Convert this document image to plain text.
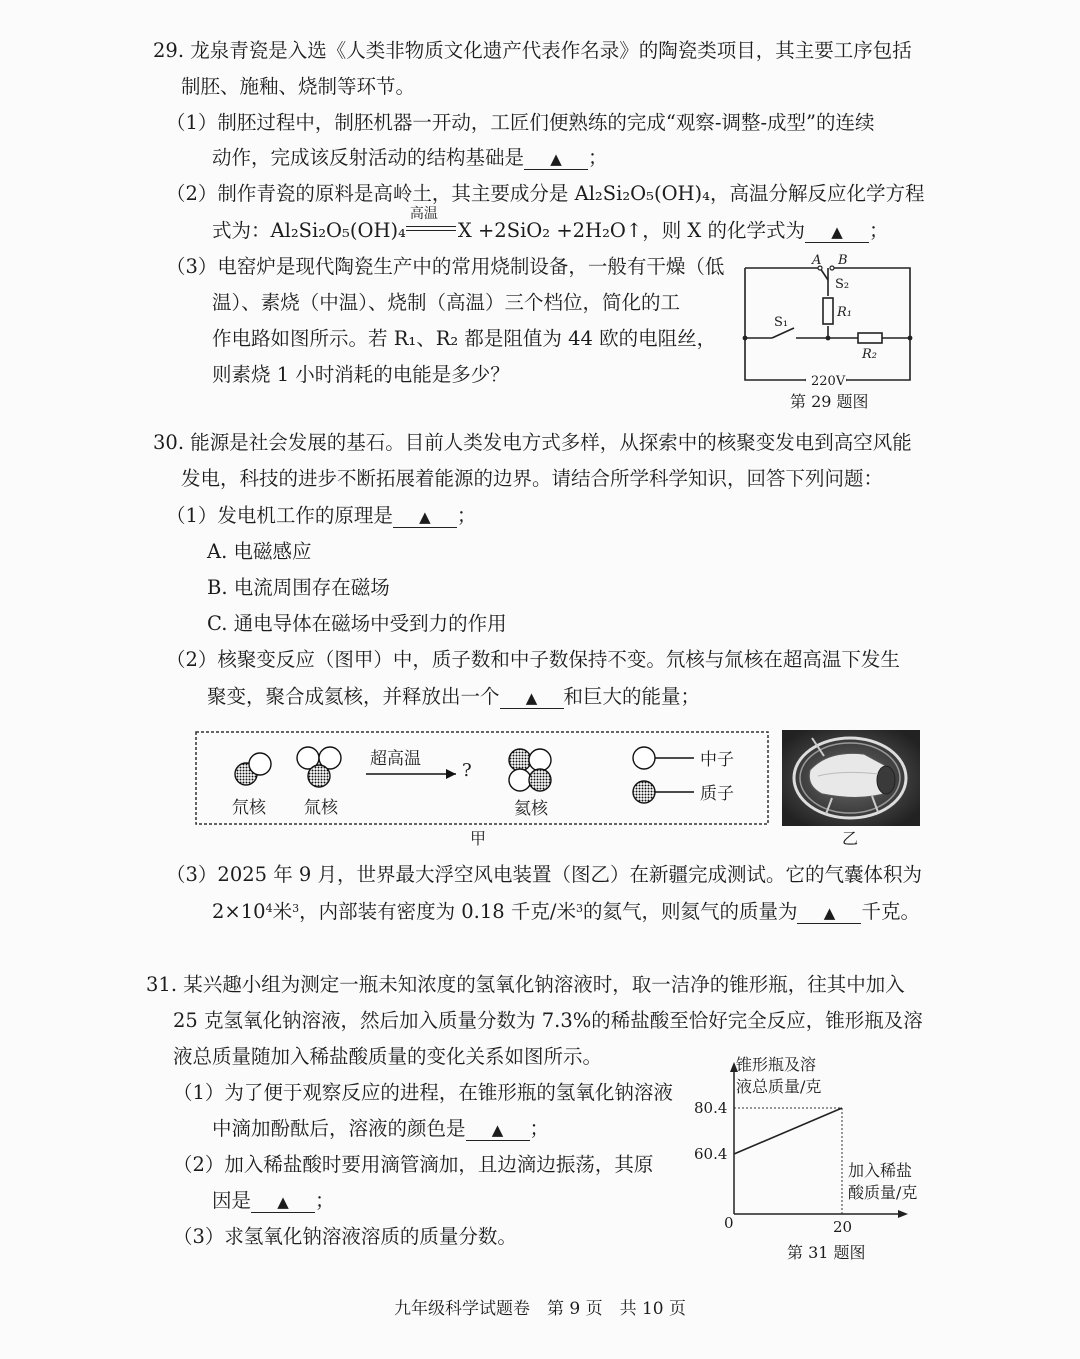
29. 龙泉青瓷是入选《人类非物质文化遗产代表作名录》的陶瓷类项目，其主要工序包括
制胚、施釉、烧制等环节。
（1）制胚过程中，制胚机器一开动，工匠们便熟练的完成“观察-调整-成型”的连续
动作，完成该反射活动的结构基础是 ▲ ；
（2）制作青瓷的原料是高岭土，其主要成分是 Al₂Si₂O₅(OH)₄，高温分解反应化学方程
式为：Al₂Si₂O₅(OH)₄
高温
X +2SiO₂ +2H₂O↑，则 X 的化学式为 ▲ ；
（3）电窑炉是现代陶瓷生产中的常用烧制设备，一般有干燥（低
温）、素烧（中温）、烧制（高温）三个档位，简化的工
作电路如图所示。若 R₁、R₂ 都是阻值为 44 欧的电阻丝，
则素烧 1 小时消耗的电能是多少？
A B
S₂
R₁
S₁
R₂
220V
第 29 题图
30. 能源是社会发展的基石。目前人类发电方式多样，从探索中的核聚变发电到高空风能
发电，科技的进步不断拓展着能源的边界。请结合所学科学知识，回答下列问题：
（1）发电机工作的原理是 ▲ ；
A. 电磁感应
B. 电流周围存在磁场
C. 通电导体在磁场中受到力的作用
（2）核聚变反应（图甲）中，质子数和中子数保持不变。氘核与氚核在超高温下发生
聚变，聚合成氦核，并释放出一个 ▲ 和巨大的能量；
氘核 氚核
超高温
?
氦核
中子
质子
甲	乙
（3）2025 年 9 月，世界最大浮空风电装置（图乙）在新疆完成测试。它的气囊体积为
$2\times 10^4$米$^3$，内部装有密度为 0.18 千克/米$^3$的氦气，则氦气的质量为 ▲ 千克。
31. 某兴趣小组为测定一瓶未知浓度的氢氧化钠溶液时，取一洁净的锥形瓶，往其中加入
25 克氢氧化钠溶液，然后加入质量分数为 7.3%的稀盐酸至恰好完全反应，锥形瓶及溶
液总质量随加入稀盐酸质量的变化关系如图所示。
（1）为了便于观察反应的进程，在锥形瓶的氢氧化钠溶液
中滴加酚酞后，溶液的颜色是 ▲ ；
（2）加入稀盐酸时要用滴管滴加，且边滴边振荡，其原
因是 ▲ ；
（3）求氢氧化钠溶液溶质的质量分数。
锥形瓶及溶
液总质量/克
80.4
60.4
加入稀盐
酸质量/克
0	20
第 31 题图
九年级科学试题卷　第 9 页　共 10 页
